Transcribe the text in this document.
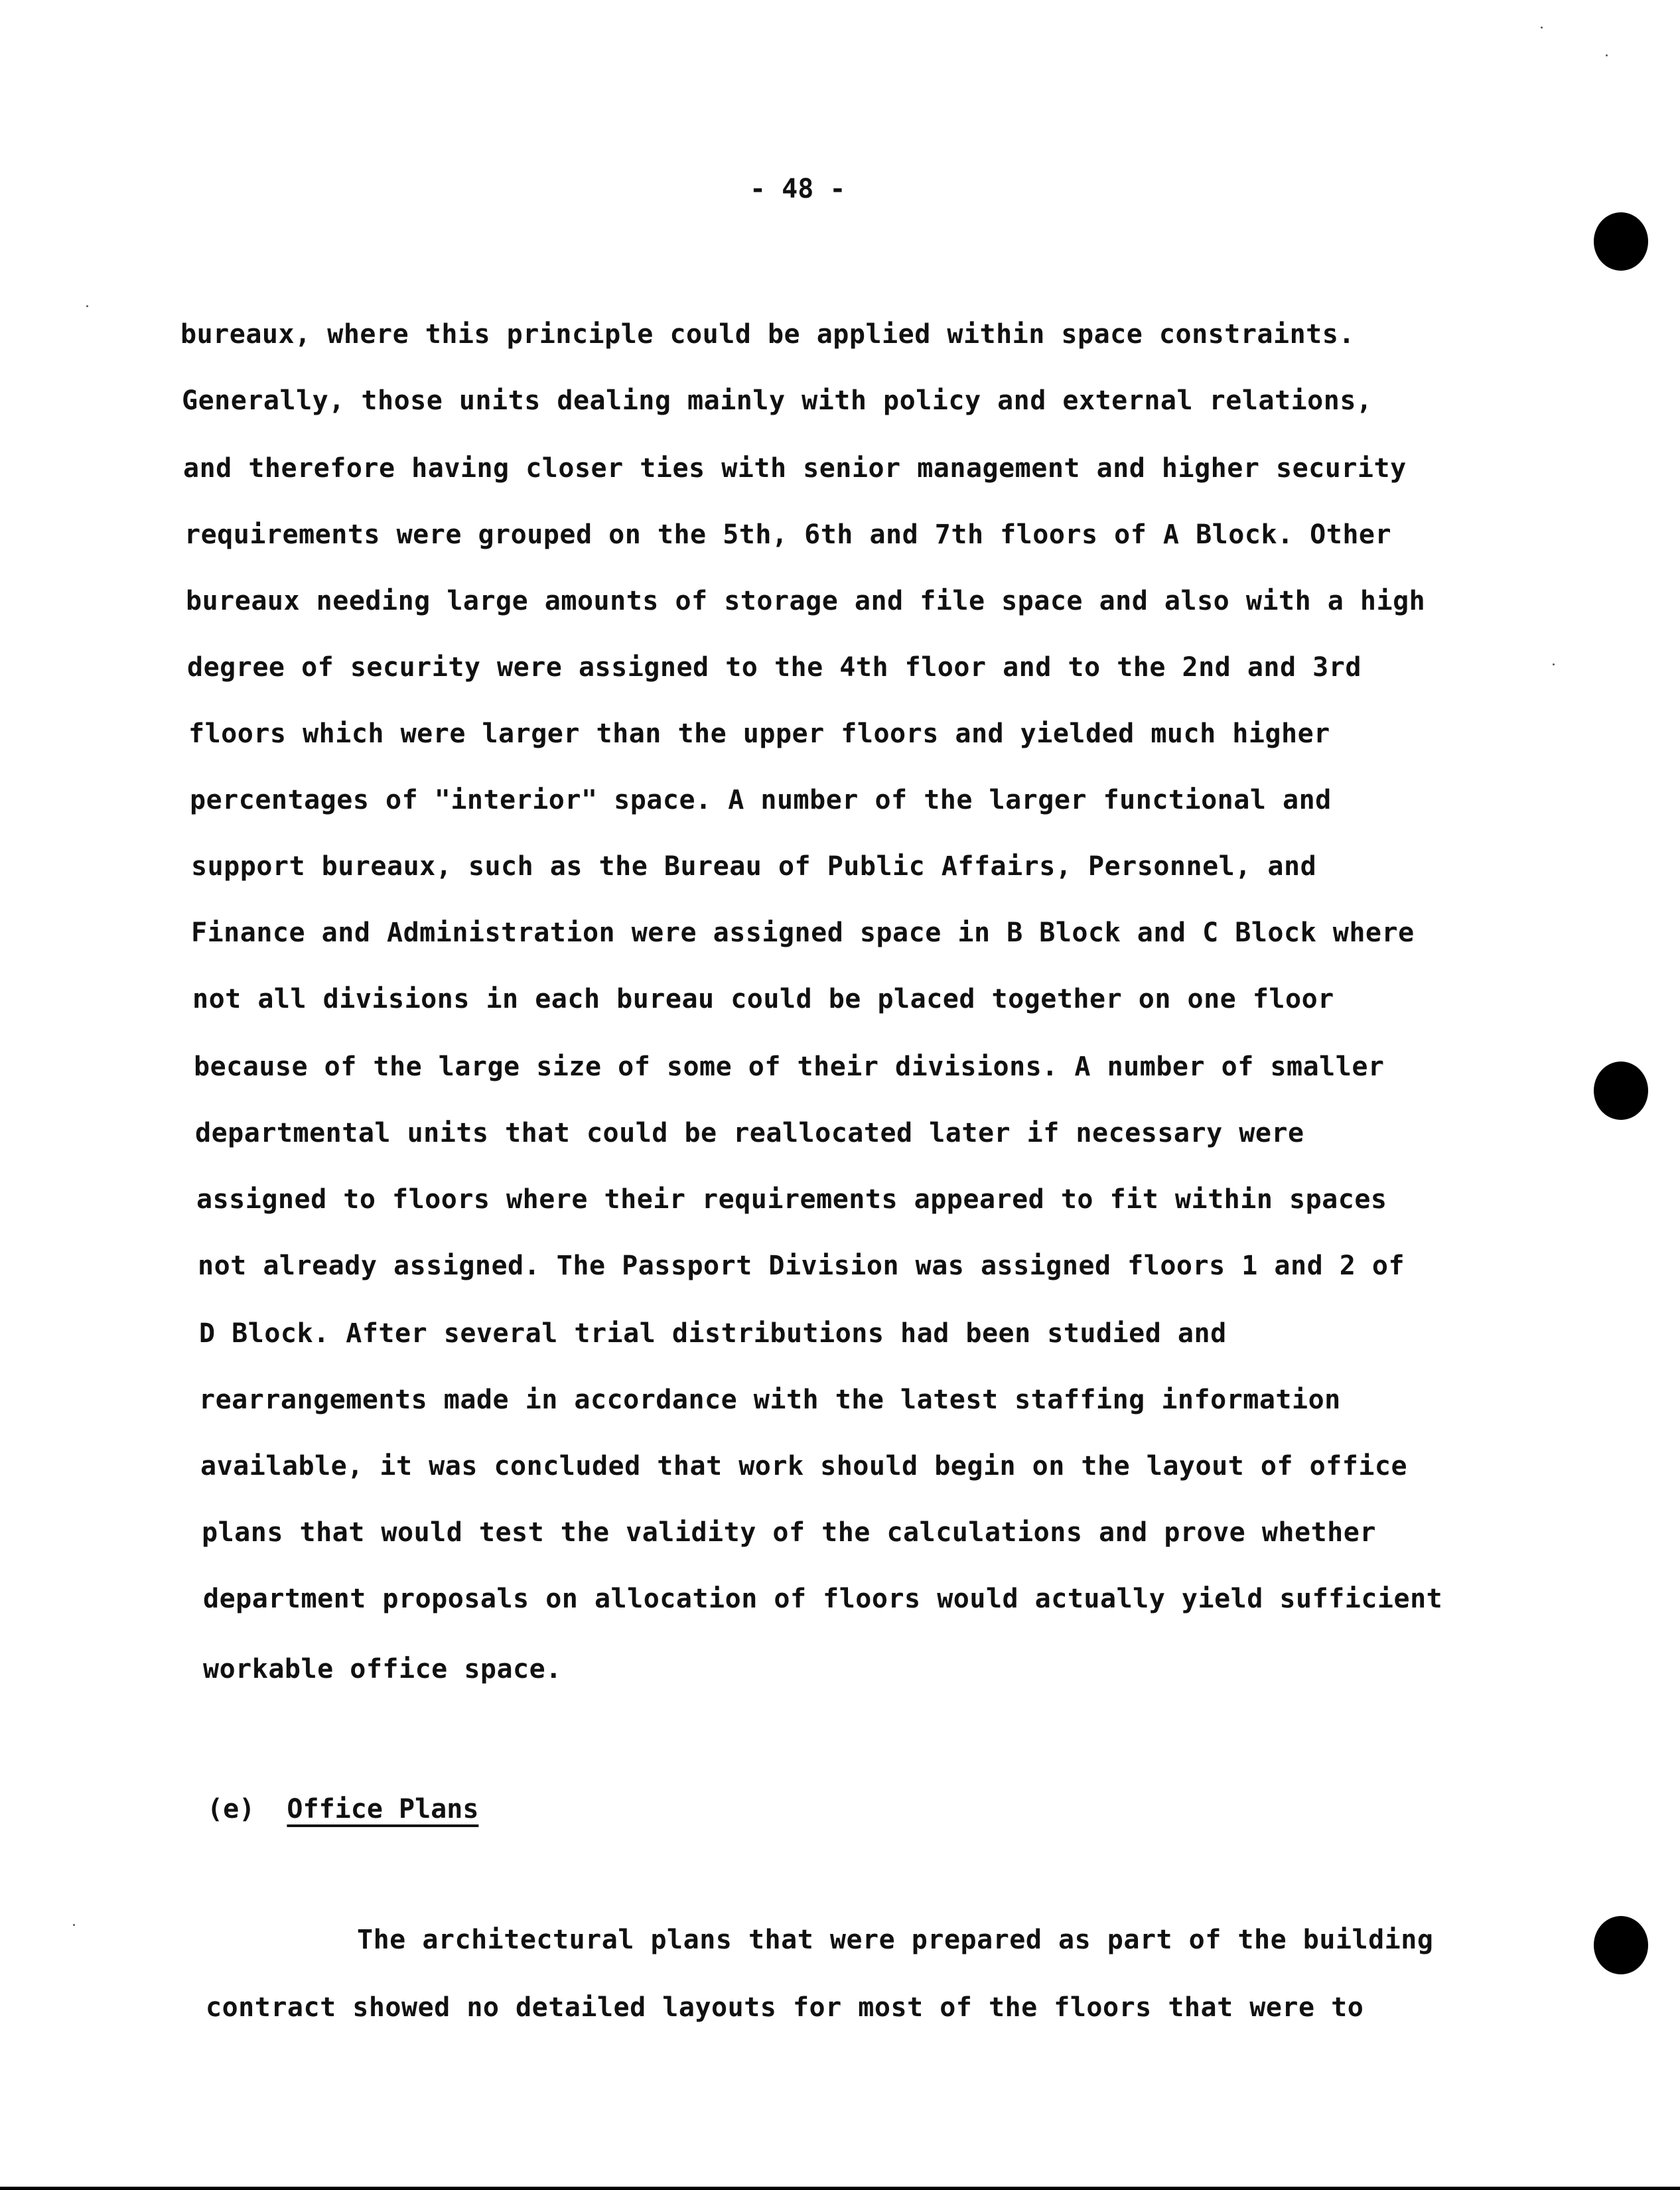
- 48 -
bureaux, where this principle could be applied within space constraints.
Generally, those units dealing mainly with policy and external relations,
and therefore having closer ties with senior management and higher security
requirements were grouped on the 5th, 6th and 7th floors of A Block. Other
bureaux needing large amounts of storage and file space and also with a high
degree of security were assigned to the 4th floor and to the 2nd and 3rd
floors which were larger than the upper floors and yielded much higher
percentages of "interior" space. A number of the larger functional and
support bureaux, such as the Bureau of Public Affairs, Personnel, and
Finance and Administration were assigned space in B Block and C Block where
not all divisions in each bureau could be placed together on one floor
because of the large size of some of their divisions. A number of smaller
departmental units that could be reallocated later if necessary were
assigned to floors where their requirements appeared to fit within spaces
not already assigned. The Passport Division was assigned floors 1 and 2 of
D Block. After several trial distributions had been studied and
rearrangements made in accordance with the latest staffing information
available, it was concluded that work should begin on the layout of office
plans that would test the validity of the calculations and prove whether
department proposals on allocation of floors would actually yield sufficient
workable office space.
(e) Office Plans
The architectural plans that were prepared as part of the building
contract showed no detailed layouts for most of the floors that were to
